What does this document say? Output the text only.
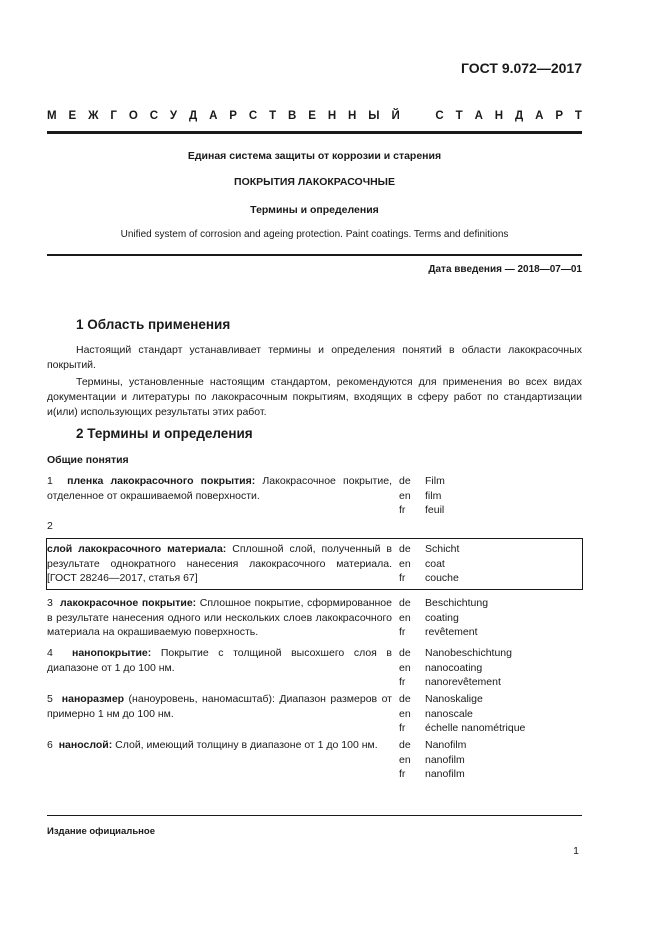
ГОСТ 9.072—2017
М Е Ж Г О С У Д А Р С Т В Е Н Н Ы Й	С Т А Н Д А Р Т
Единая система защиты от коррозии и старения
ПОКРЫТИЯ ЛАКОКРАСОЧНЫЕ
Термины и определения
Unified system of corrosion and ageing protection. Paint coatings. Terms and definitions
Дата введения — 2018—07—01
1 Область применения

Настоящий стандарт устанавливает термины и определения понятий в области лакокрасочных покрытий.

Термины, установленные настоящим стандартом, рекомендуются для применения во всех видах документации и литературы по лакокрасочным покрытиям, входящих в сферу работ по стандартизации и(или) использующих результаты этих работ.

2 Термины и определения
Общие понятия
1 пленка лакокрасочного покрытия: Лакокрасочное покрытие, отделенное от окрашиваемой поверхности.
de
en
fr
Film
film
feuil
2
слой лакокрасочного материала: Сплошной слой, полученный в результате однократного нанесения лакокрасочного материала. [ГОСТ 28246—2017, статья 67]
de
en
fr
Schicht
coat
couche
3 лакокрасочное покрытие: Сплошное покрытие, сформированное в результате нанесения одного или нескольких слоев лакокрасочного материала на окрашиваемую поверхность.
de
en
fr
Beschichtung
coating
revêtement
4 нанопокрытие: Покрытие с толщиной высохшего слоя в диапазоне от 1 до 100 нм.
de
en
fr
Nanobeschichtung
nanocoating
nanorevêtement
5 наноразмер (наноуровень, наномасштаб): Диапазон размеров от примерно 1 нм до 100 нм.
de
en
fr
Nanoskalige
nanoscale
échelle nanométrique
6 нанослой: Слой, имеющий толщину в диапазоне от 1 до 100 нм.	de
en
fr
Nanofilm
nanofilm
nanofilm
Издание официальное
1
